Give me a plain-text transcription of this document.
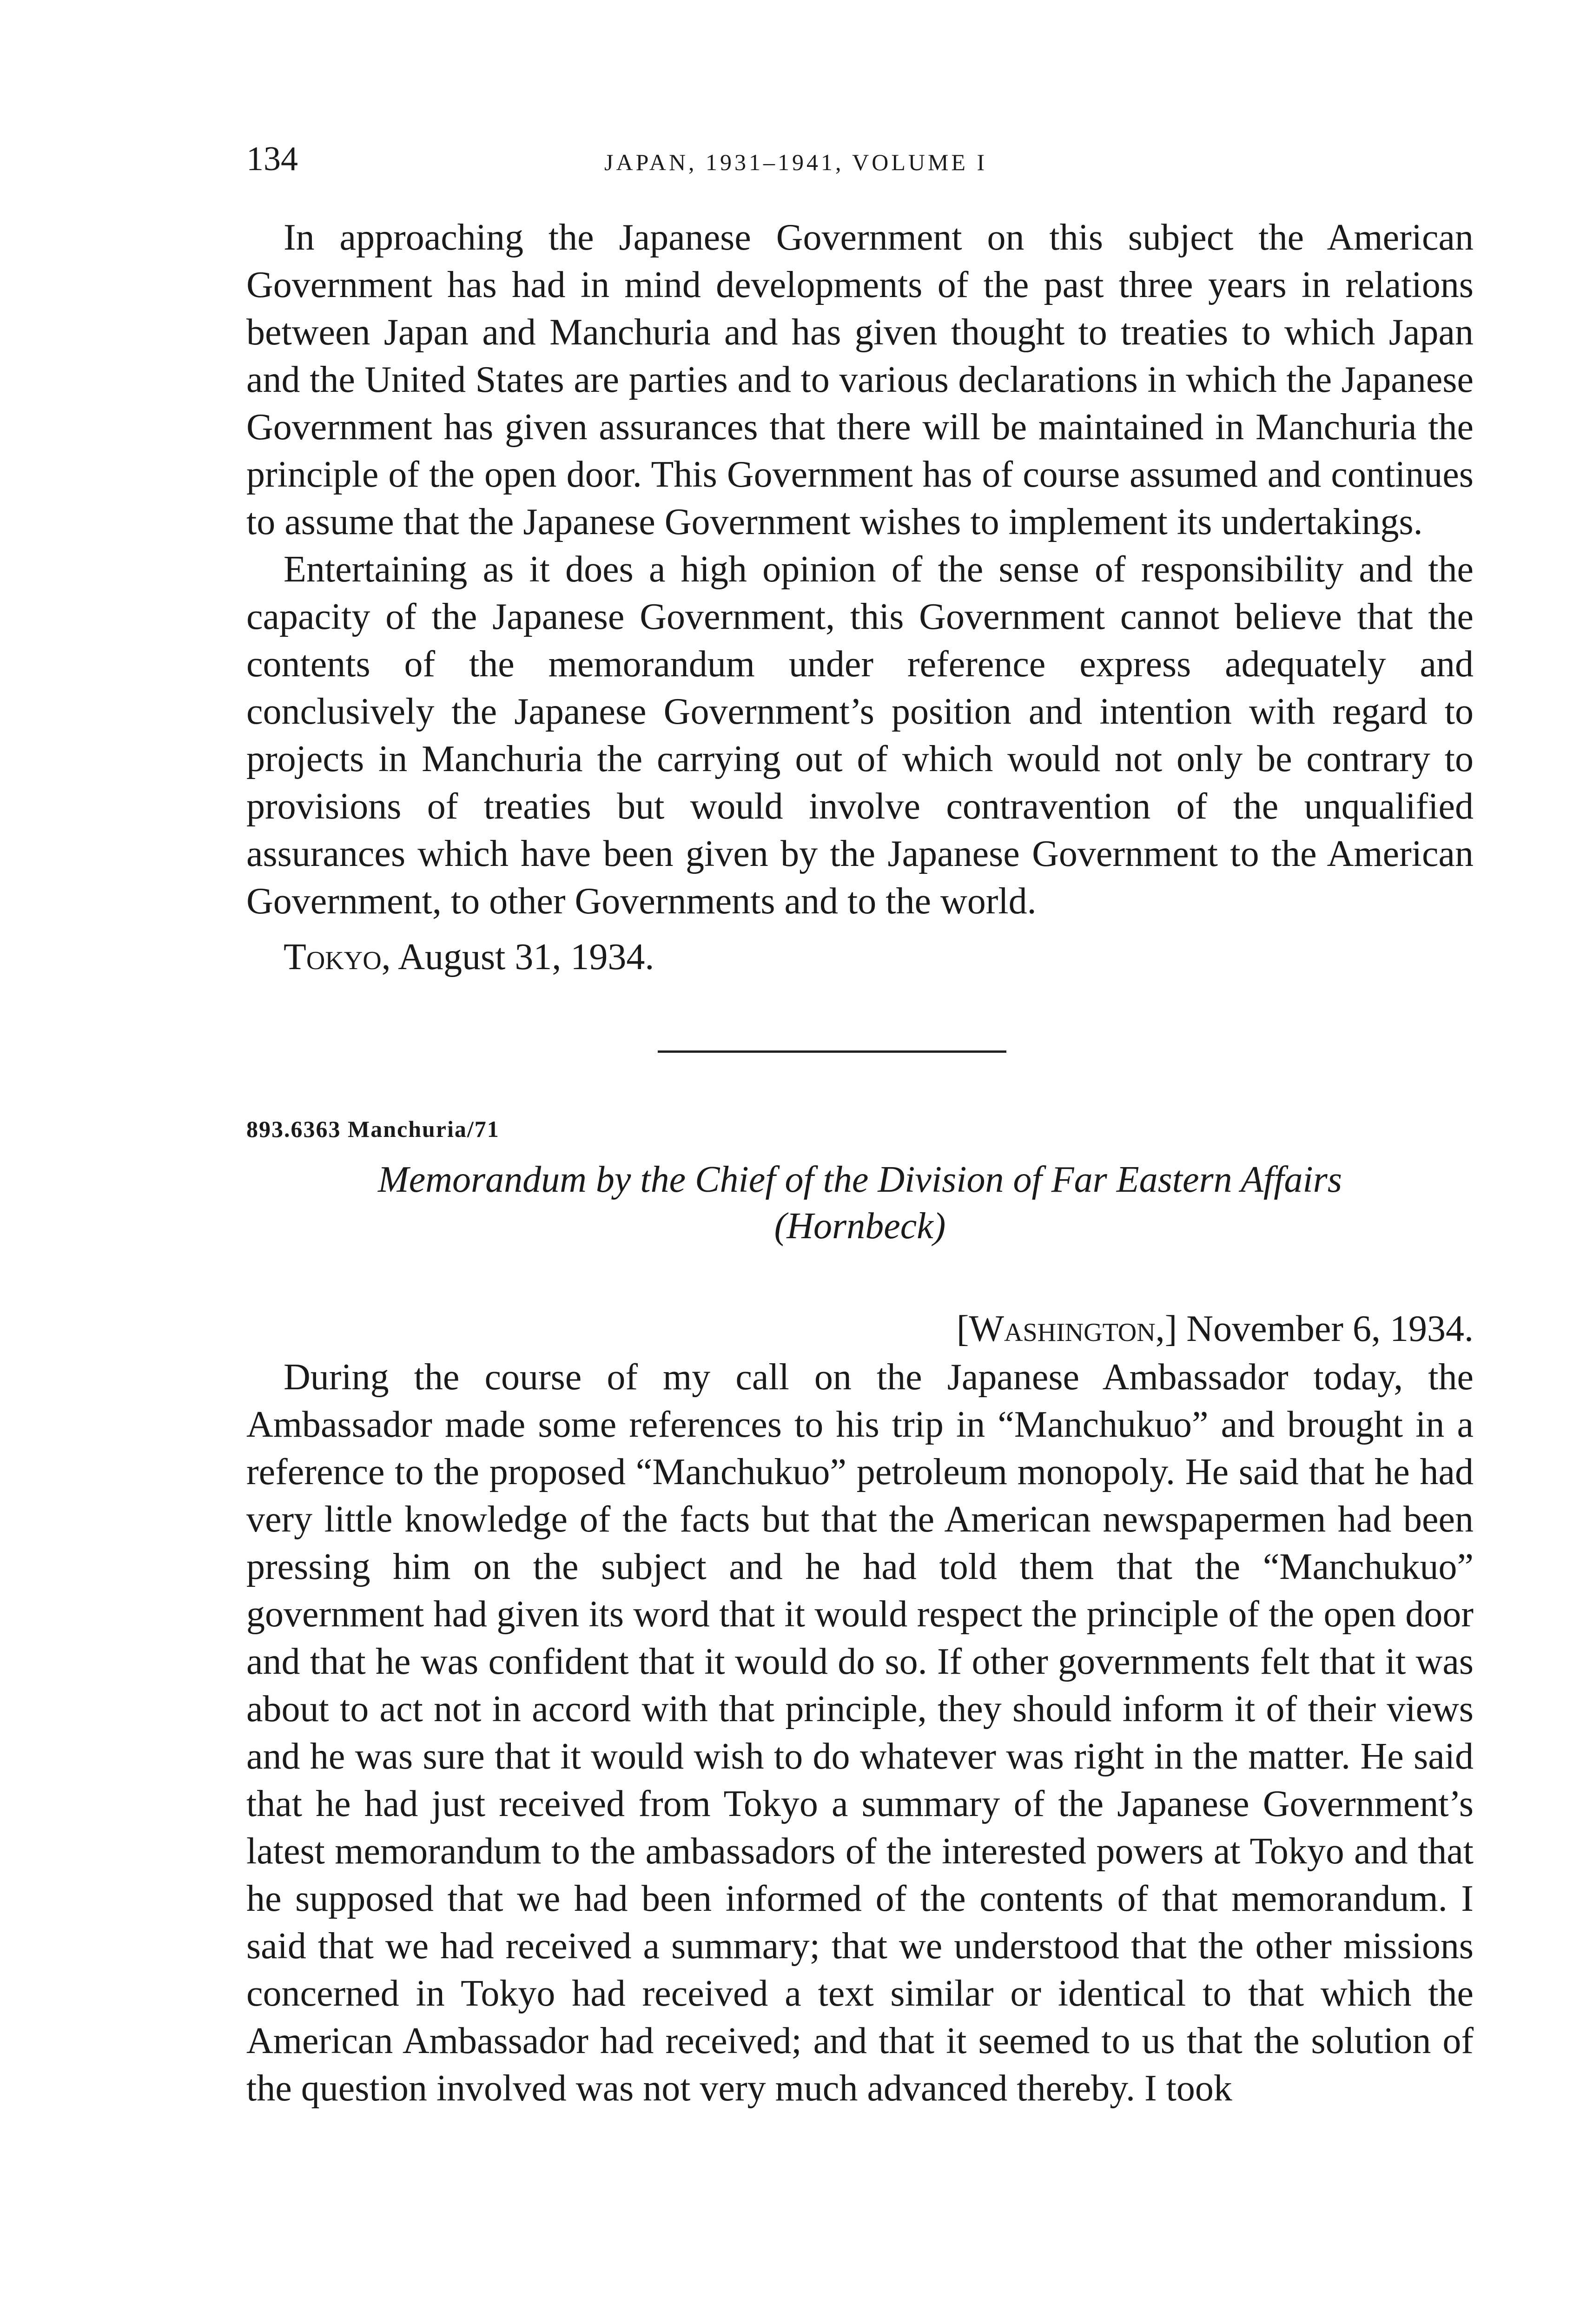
134	JAPAN, 1931–1941, VOLUME I

In approaching the Japanese Government on this subject the American Government has had in mind developments of the past three years in relations between Japan and Manchuria and has given thought to treaties to which Japan and the United States are parties and to various declarations in which the Japanese Government has given assurances that there will be maintained in Manchuria the principle of the open door. This Government has of course assumed and continues to assume that the Japanese Government wishes to implement its undertakings.

Entertaining as it does a high opinion of the sense of responsibility and the capacity of the Japanese Government, this Government cannot believe that the contents of the memorandum under reference express adequately and conclusively the Japanese Government’s position and intention with regard to projects in Manchuria the carrying out of which would not only be contrary to provisions of treaties but would involve contravention of the unqualified assurances which have been given by the Japanese Government to the American Government, to other Governments and to the world.

Tokyo, August 31, 1934.
893.6363 Manchuria/71
Memorandum by the Chief of the Division of Far Eastern Affairs
(Hornbeck)
[Washington,] November 6, 1934.

During the course of my call on the Japanese Ambassador today, the Ambassador made some references to his trip in “Manchukuo” and brought in a reference to the proposed “Manchukuo” petroleum monopoly. He said that he had very little knowledge of the facts but that the American newspapermen had been pressing him on the subject and he had told them that the “Manchukuo” government had given its word that it would respect the principle of the open door and that he was confident that it would do so. If other governments felt that it was about to act not in accord with that principle, they should inform it of their views and he was sure that it would wish to do whatever was right in the matter. He said that he had just received from Tokyo a summary of the Japanese Government’s latest memorandum to the ambassadors of the interested powers at Tokyo and that he supposed that we had been informed of the contents of that memorandum. I said that we had received a summary; that we understood that the other missions concerned in Tokyo had received a text similar or identical to that which the American Ambassador had received; and that it seemed to us that the solution of the question involved was not very much advanced thereby. I took
